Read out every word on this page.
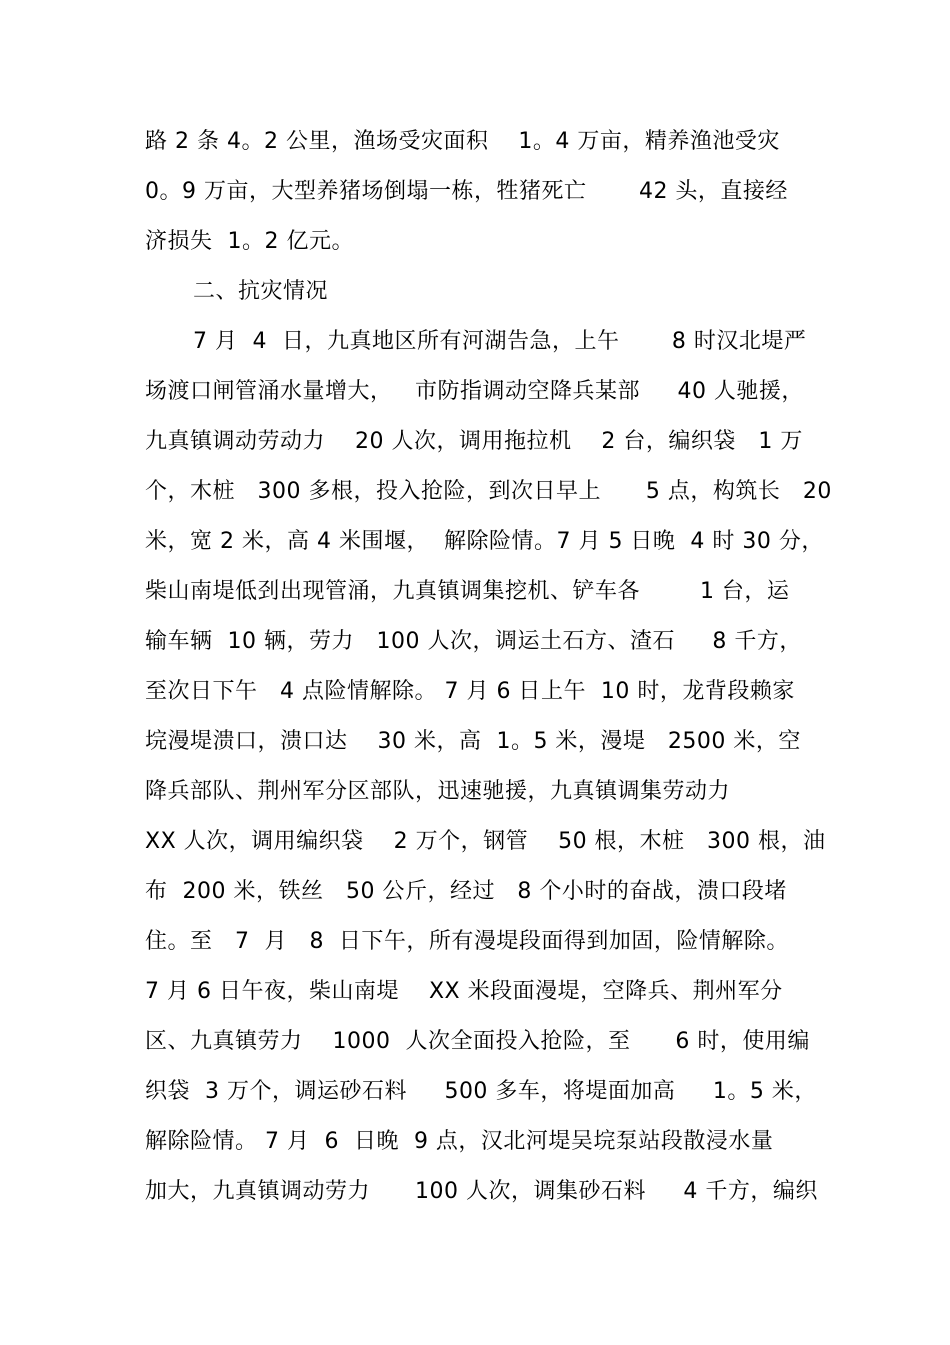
路 2 条 4。2 公里，渔场受灾面积    1。4 万亩，精养渔池受灾
0。9 万亩，大型养猪场倒塌一栋，牲猪死亡       42 头，直接经
济损失  1。2 亿元。
二、抗灾情况
7 月  4  日，九真地区所有河湖告急，上午       8 时汉北堤严
场渡口闸管涌水量增大，   市防指调动空降兵某部     40 人驰援，
九真镇调动劳动力    20 人次，调用拖拉机    2 台，编织袋   1 万
个，木桩   300 多根，投入抢险，到次日早上      5 点，构筑长   20
米，宽 2 米，高 4 米围堰，  解除险情。7 月 5 日晚  4 时 30 分，
柴山南堤低刭出现管涌，九真镇调集挖机、铲车各        1 台，运
输车辆  10 辆，劳力   100 人次，调运土石方、渣石     8 千方，
至次日下午   4 点险情解除。 7 月 6 日上午  10 时，龙背段赖家
垸漫堤溃口，溃口达    30 米，高  1。5 米，漫堤   2500 米，空
降兵部队、荆州军分区部队，迅速驰援，九真镇调集劳动力
XX 人次，调用编织袋    2 万个，钢管    50 根，木桩   300 根，油
布  200 米，铁丝   50 公斤，经过   8 个小时的奋战，溃口段堵
住。至   7  月   8  日下午，所有漫堤段面得到加固，险情解除。
7 月 6 日午夜，柴山南堤    XX 米段面漫堤，空降兵、荆州军分
区、九真镇劳力    1000  人次全面投入抢险，至      6 时，使用编
织袋  3 万个，调运砂石料     500 多车，将堤面加高     1。5 米，
解除险情。 7 月  6  日晚  9 点，汉北河堤吴垸泵站段散浸水量
加大，九真镇调动劳力      100 人次，调集砂石料     4 千方，编织
